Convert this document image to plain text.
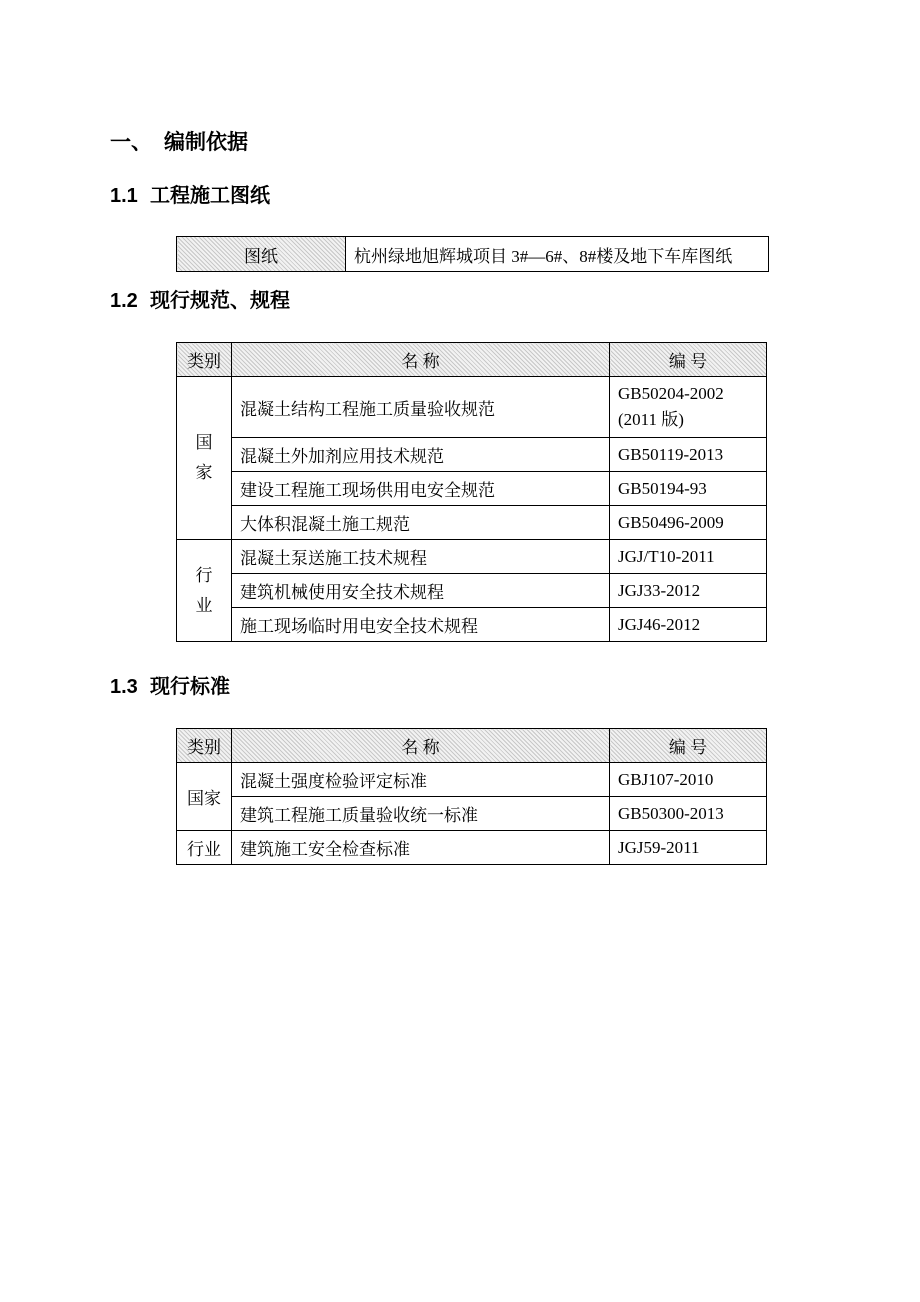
一、 编制依据
1.1 工程施工图纸
图纸	杭州绿地旭辉城项目 3#—6#、8#楼及地下车库图纸
1.2 现行规范、规程
类别	名 称	编 号
国家	混凝土结构工程施工质量验收规范	GB50204-2002
(2011 版)

	混凝土外加剂应用技术规范	GB50119-2013
	建设工程施工现场供用电安全规范	GB50194-93
	大体积混凝土施工规范	GB50496-2009
行业	混凝土泵送施工技术规程	JGJ/T10-2011
	建筑机械使用安全技术规程	JGJ33-2012
	施工现场临时用电安全技术规程	JGJ46-2012
1.3 现行标准
类别	名 称	编 号
国家	混凝土强度检验评定标准	GBJ107-2010
	建筑工程施工质量验收统一标准	GB50300-2013
行业	建筑施工安全检查标准	JGJ59-2011
